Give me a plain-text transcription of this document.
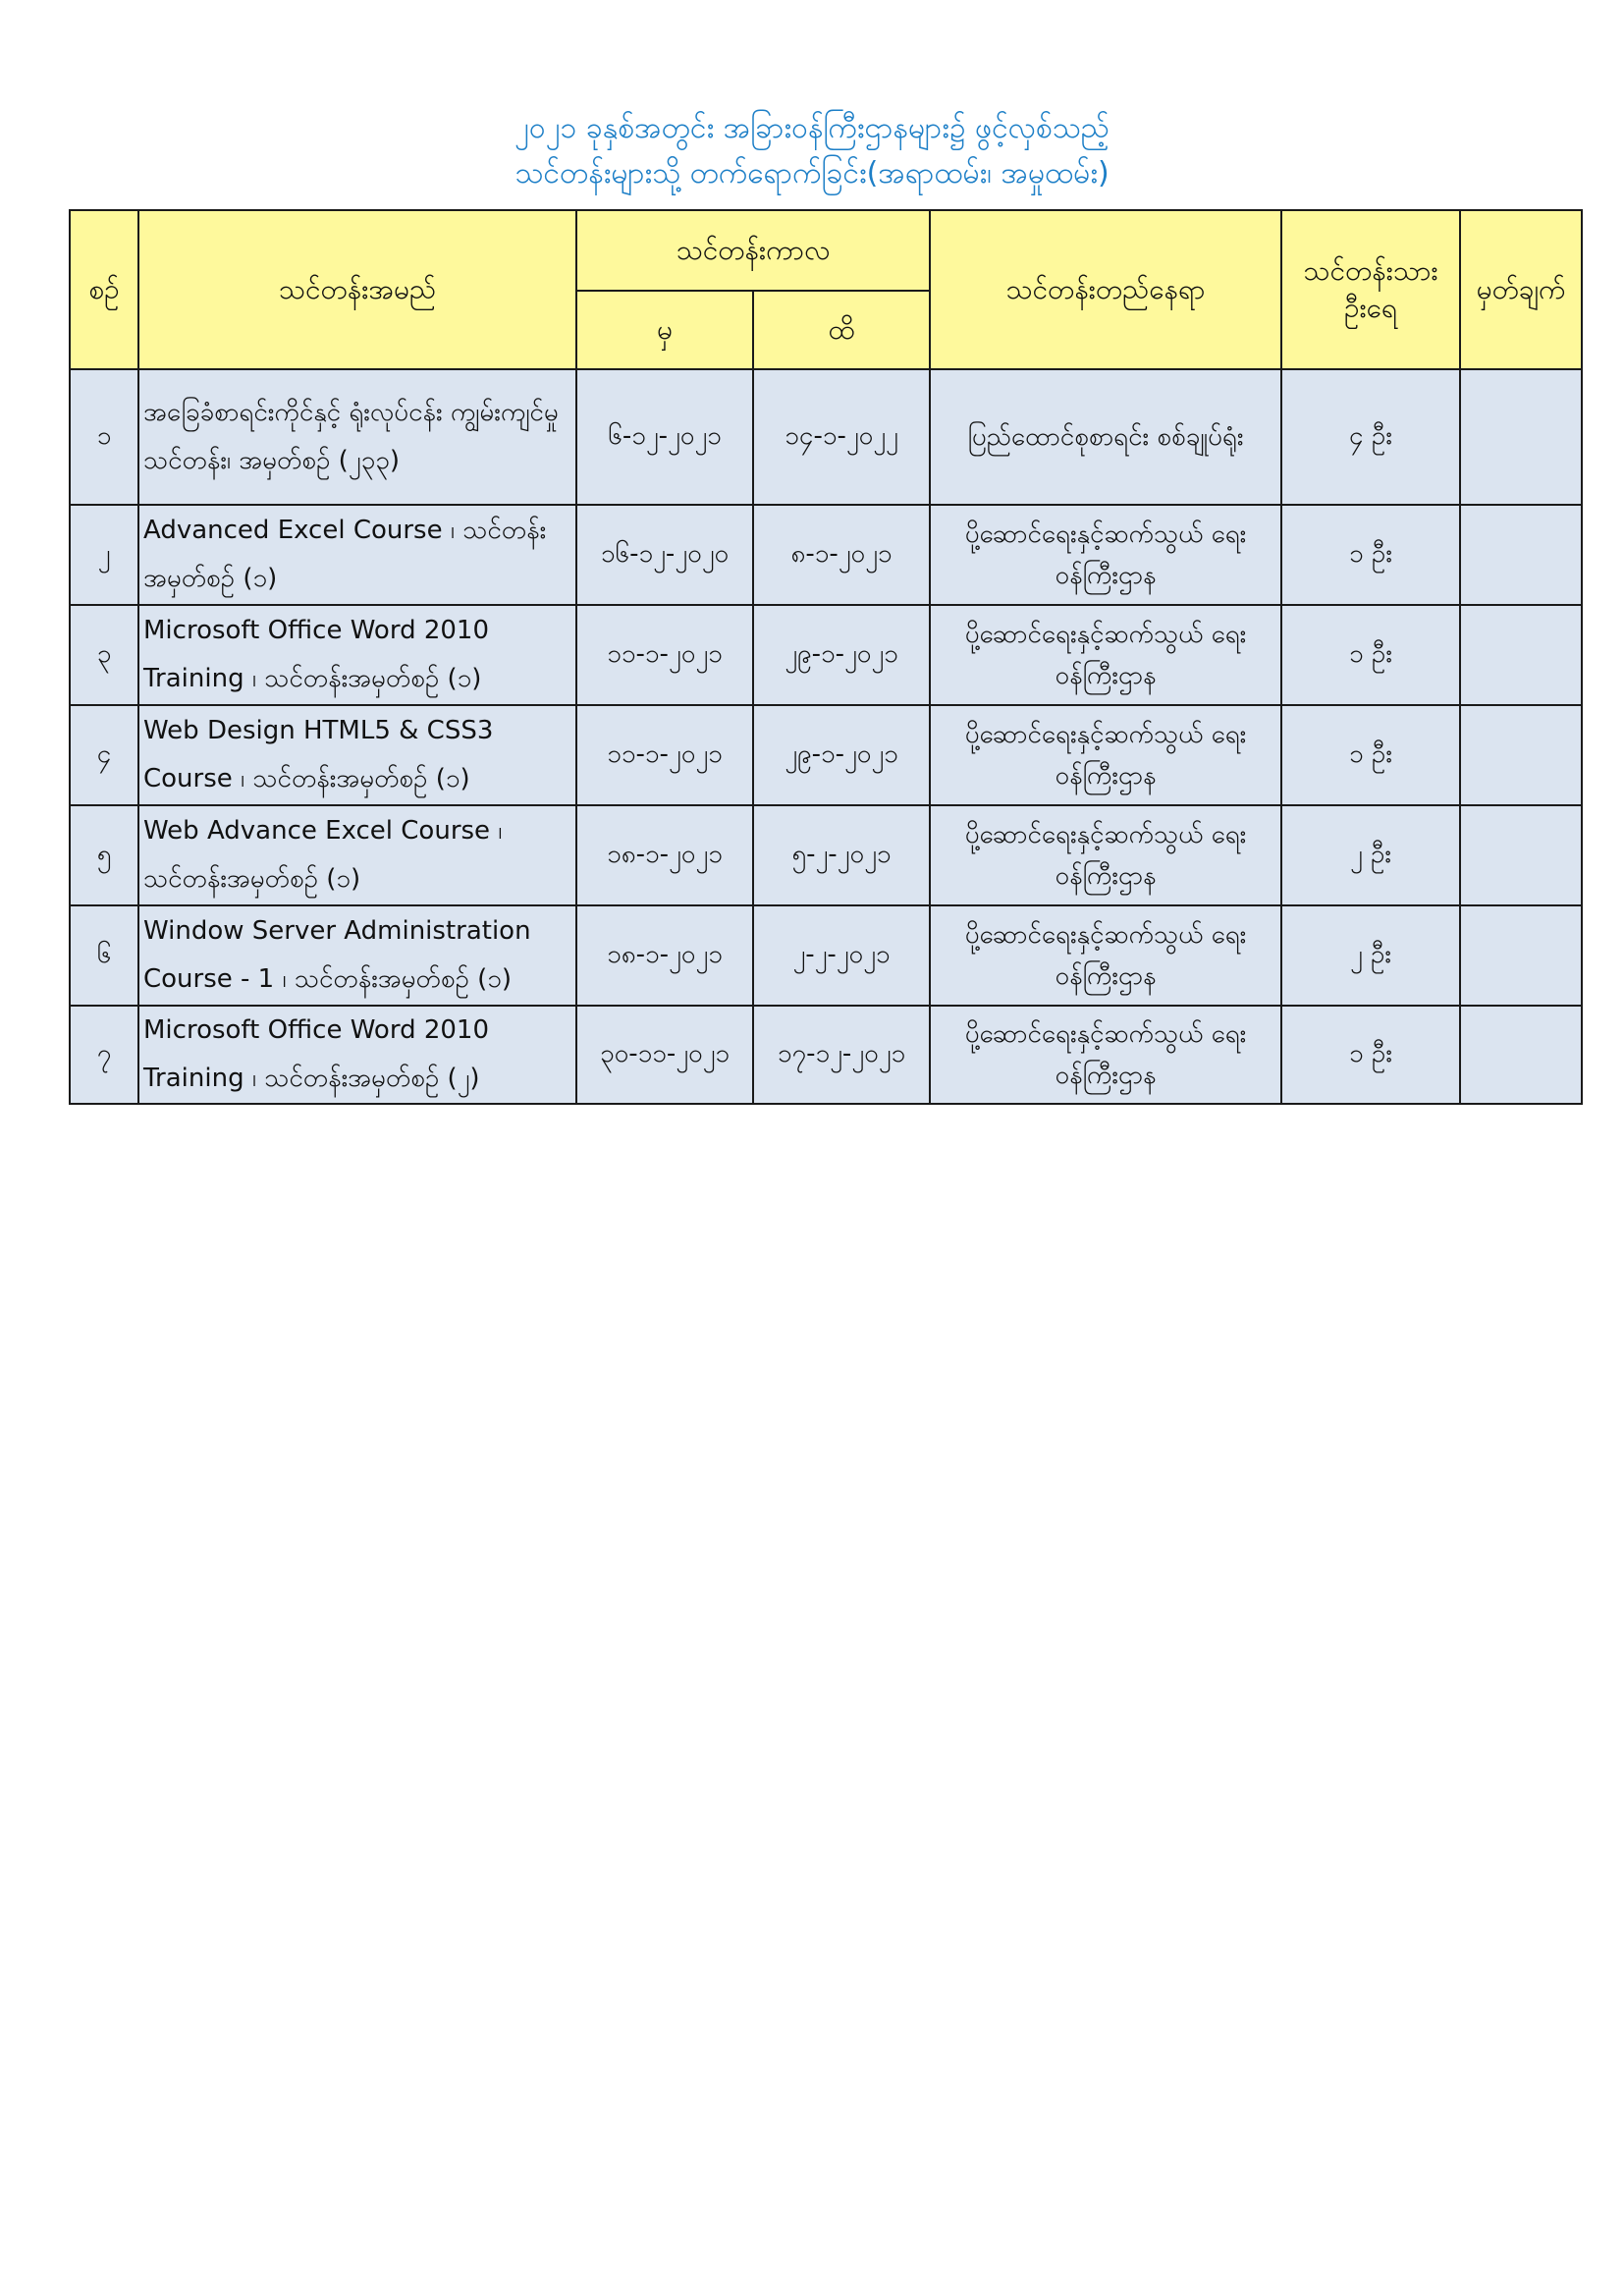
၂၀၂၁ ခုနှစ်အတွင်း အခြားဝန်ကြီးဌာနများ၌ ဖွင့်လှစ်သည့်
သင်တန်းများသို့ တက်ရောက်ခြင်း(အရာထမ်း၊ အမှုထမ်း)
စဉ်	သင်တန်းအမည်	သင်တန်းကာလ		သင်တန်းတည်နေရာ	သင်တန်းသား ဦးရေ	မှတ်ချက်
		မှ	ထိ			
၁	အခြေခံစာရင်းကိုင်နှင့် ရုံးလုပ်ငန်း ကျွမ်းကျင်မှုသင်တန်း၊ အမှတ်စဉ် (၂၃၃)	၆-၁၂-၂၀၂၁	၁၄-၁-၂၀၂၂	ပြည်ထောင်စုစာရင်း စစ်ချုပ်ရုံး	၄ ဦး	
၂	Advanced Excel Course ၊ သင်တန်း အမှတ်စဉ် (၁)	၁၆-၁၂-၂၀၂၀	၈-၁-၂၀၂၁	ပို့ဆောင်ရေးနှင့်ဆက်သွယ် ရေးဝန်ကြီးဌာန	၁ ဦး	
၃	Microsoft Office Word 2010 Training ၊ သင်တန်းအမှတ်စဉ် (၁)	၁၁-၁-၂၀၂၁	၂၉-၁-၂၀၂၁	ပို့ဆောင်ရေးနှင့်ဆက်သွယ် ရေးဝန်ကြီးဌာန	၁ ဦး	
၄	Web Design HTML5 & CSS3 Course ၊ သင်တန်းအမှတ်စဉ် (၁)	၁၁-၁-၂၀၂၁	၂၉-၁-၂၀၂၁	ပို့ဆောင်ရေးနှင့်ဆက်သွယ် ရေးဝန်ကြီးဌာန	၁ ဦး	
၅	Web Advance Excel Course ၊ သင်တန်းအမှတ်စဉ် (၁)	၁၈-၁-၂၀၂၁	၅-၂-၂၀၂၁	ပို့ဆောင်ရေးနှင့်ဆက်သွယ် ရေးဝန်ကြီးဌာန	၂ ဦး	
၆	Window Server Administration Course - 1 ၊ သင်တန်းအမှတ်စဉ် (၁)	၁၈-၁-၂၀၂၁	၂-၂-၂၀၂၁	ပို့ဆောင်ရေးနှင့်ဆက်သွယ် ရေးဝန်ကြီးဌာန	၂ ဦး	
၇	Microsoft Office Word 2010 Training ၊ သင်တန်းအမှတ်စဉ် (၂)	၃၀-၁၁-၂၀၂၁	၁၇-၁၂-၂၀၂၁	ပို့ဆောင်ရေးနှင့်ဆက်သွယ် ရေးဝန်ကြီးဌာန	၁ ဦး	
